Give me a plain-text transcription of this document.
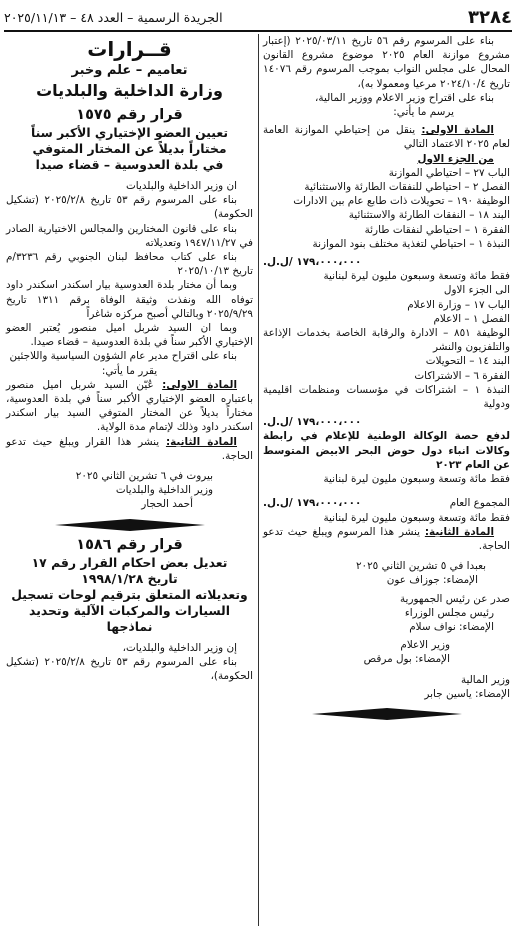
٣٢٨٤
الجريدة الرسمية – العدد ٤٨ – ٢٠٢٥/١١/١٣

بناء على المرسوم رقم ٥٦ تاريخ ٢٠٢٥/٠٣/١١ (إعتبار مشروع موازنة العام ٢٠٢٥ موضوع مشروع القانون المحال على مجلس النواب بموجب المرسوم رقم ١٤٠٧٦ تاريخ ٢٠٢٤/١٠/٤ مرعيا ومعمولا به)،

بناء على اقتراح وزير الاعلام ووزير المالية،

يرسم ما يأتي:

المادة الاولى: ينقل من إحتياطي الموازنة العامة لعام ٢٠٢٥ الاعتماد التالي

من الجزء الاول

الباب ٢٧ – احتياطي الموازنة

الفصل ٢ – احتياطي للنفقات الطارئة والاستثنائية

الوظيفة ١٩٠ – تحويلات ذات طابع عام بين الادارات

البند ١٨ – النفقات الطارئة والاستثنائية

الفقرة ١ – احتياطي لنفقات طارئة

النبذة ١ – احتياطي لتغذية مختلف بنود الموازنة

١٧٩،٠٠٠،٠٠٠ /ل.ل.

فقط مائة وتسعة وسبعون مليون ليرة لبنانية

الى الجزء الاول

الباب ١٧ – وزارة الاعلام

الفصل ١ – الاعلام

الوظيفة ٨٥١ – الادارة والرقابة الخاصة بخدمات الإذاعة والتلفزيون والنشر

البند ١٤ – التحويلات

الفقرة ٦ – الاشتراكات

النبذة ١ – اشتراكات في مؤسسات ومنظمات اقليمية ودولية

١٧٩،٠٠٠،٠٠٠ /ل.ل.

لدفع حصة الوكالة الوطنية للإعلام في رابطة وكالات انباء دول حوض البحر الابيض المتوسط عن العام ٢٠٢٣

فقط مائة وتسعة وسبعون مليون ليرة لبنانية

المجموع العام
١٧٩،٠٠٠،٠٠٠ /ل.ل.

فقط مائة وتسعة وسبعون مليون ليرة لبنانية

المادة الثانية: ينشر هذا المرسوم ويبلغ حيث تدعو الحاجة.

بعبدا في ٥ تشرين الثاني ٢٠٢٥

الإمضاء: جوزاف عون

صدر عن رئيس الجمهورية

رئيس مجلس الوزراء

الإمضاء: نواف سلام

وزير الاعلام

الإمضاء: بول مرقص

وزير المالية

الإمضاء: ياسين جابر

قــرارات

تعاميم – علم وخبر

وزارة الداخلية والبلديات

قرار رقم ١٥٧٥

تعيين العضو الإختياري الأكبر سناً
مختاراً بديلاً عن المختار المتوفي
في بلدة العدوسية – قضاء صيدا

ان وزير الداخلية والبلديات

بناء على المرسوم رقم ٥٣ تاريخ ٢٠٢٥/٢/٨ (تشكيل الحكومة)

بناء على قانون المختارين والمجالس الاختيارية الصادر في ١٩٤٧/١١/٢٧ وتعديلاته

بناء على كتاب محافظ لبنان الجنوبي رقم ٣٢٣٦/م تاريخ ٢٠٢٥/١٠/١٣

وبما أن مختار بلدة العدوسية بيار اسكندر اسكندر داود توفاه الله ونفذت وثيقة الوفاة برقم ١٣١١ تاريخ ٢٠٢٥/٩/٢٩ وبالتالي أصبح مركزه شاغراً

وبما ان السيد شربل اميل منصور يُعتبر العضو الإختياري الأكبر سناً في بلدة العدوسية – قضاء صيدا.

بناء على اقتراح مدير عام الشؤون السياسية واللاجئين

يقرر ما يأتي:

المادة الاولى: عُيّن السيد شربل اميل منصور باعتباره العضو الإختياري الأكبر سناً في بلدة العدوسية، مختاراً بديلاً عن المختار المتوفي السيد بيار اسكندر اسكندر داود وذلك لإتمام مدة الولاية.

المادة الثانية: ينشر هذا القرار ويبلغ حيث تدعو الحاجة.

بيروت في ٦ تشرين الثاني ٢٠٢٥

وزير الداخلية والبلديات

أحمد الحجار

قرار رقم ١٥٨٦

تعديل بعض احكام القرار رقم ١٧
تاريخ ١٩٩٨/١/٢٨
وتعديلاته المتعلق بترقيم لوحات تسجيل
السيارات والمركبات الآلية وتحديد نماذجها

إن وزير الداخلية والبلديات،

بناء على المرسوم رقم ٥٣ تاريخ ٢٠٢٥/٢/٨ (تشكيل الحكومة)،
